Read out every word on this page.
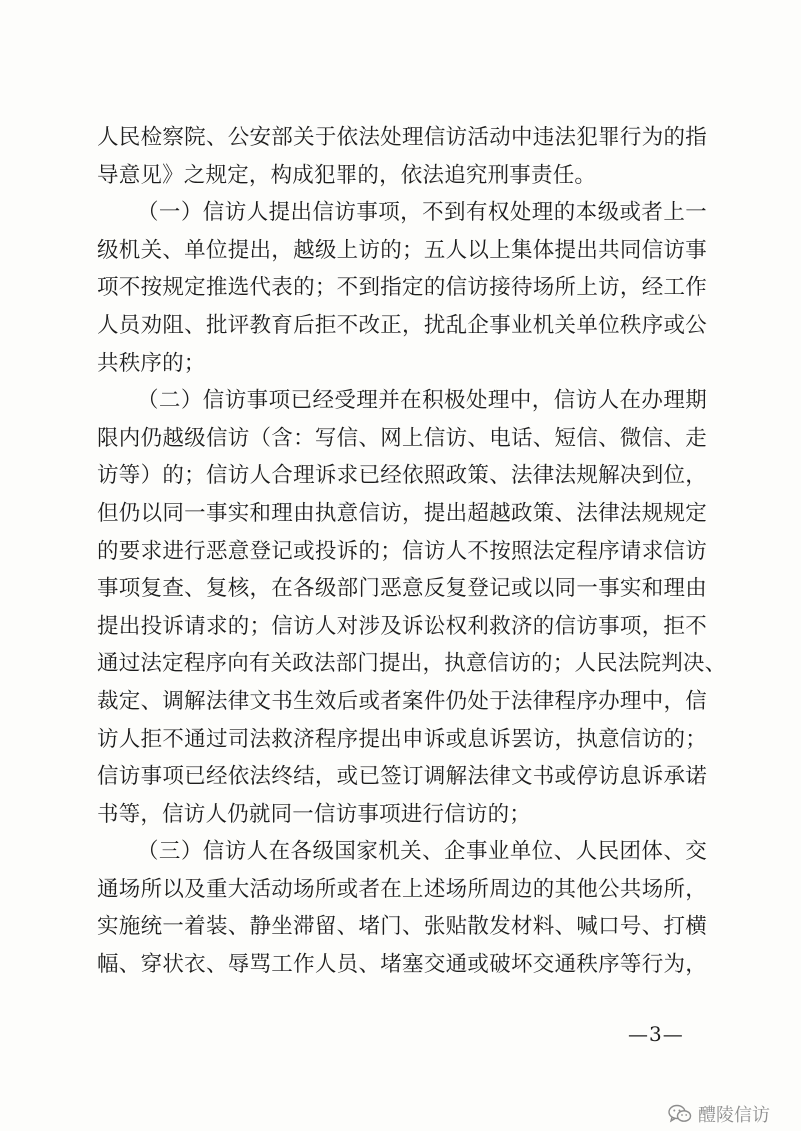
人民检察院、公安部关于依法处理信访活动中违法犯罪行为的指
导意见》之规定，构成犯罪的，依法追究刑事责任。
（一）信访人提出信访事项，不到有权处理的本级或者上一
级机关、单位提出，越级上访的；五人以上集体提出共同信访事
项不按规定推选代表的；不到指定的信访接待场所上访，经工作
人员劝阻、批评教育后拒不改正，扰乱企事业机关单位秩序或公
共秩序的；
（二）信访事项已经受理并在积极处理中，信访人在办理期
限内仍越级信访（含：写信、网上信访、电话、短信、微信、走
访等）的；信访人合理诉求已经依照政策、法律法规解决到位，
但仍以同一事实和理由执意信访，提出超越政策、法律法规规定
的要求进行恶意登记或投诉的；信访人不按照法定程序请求信访
事项复查、复核，在各级部门恶意反复登记或以同一事实和理由
提出投诉请求的；信访人对涉及诉讼权利救济的信访事项，拒不
通过法定程序向有关政法部门提出，执意信访的；人民法院判决、
裁定、调解法律文书生效后或者案件仍处于法律程序办理中，信
访人拒不通过司法救济程序提出申诉或息诉罢访，执意信访的；
信访事项已经依法终结，或已签订调解法律文书或停访息诉承诺
书等，信访人仍就同一信访事项进行信访的；
（三）信访人在各级国家机关、企事业单位、人民团体、交
通场所以及重大活动场所或者在上述场所周边的其他公共场所，
实施统一着装、静坐滞留、堵门、张贴散发材料、喊口号、打横
幅、穿状衣、辱骂工作人员、堵塞交通或破坏交通秩序等行为，
—3—
醴陵信访
